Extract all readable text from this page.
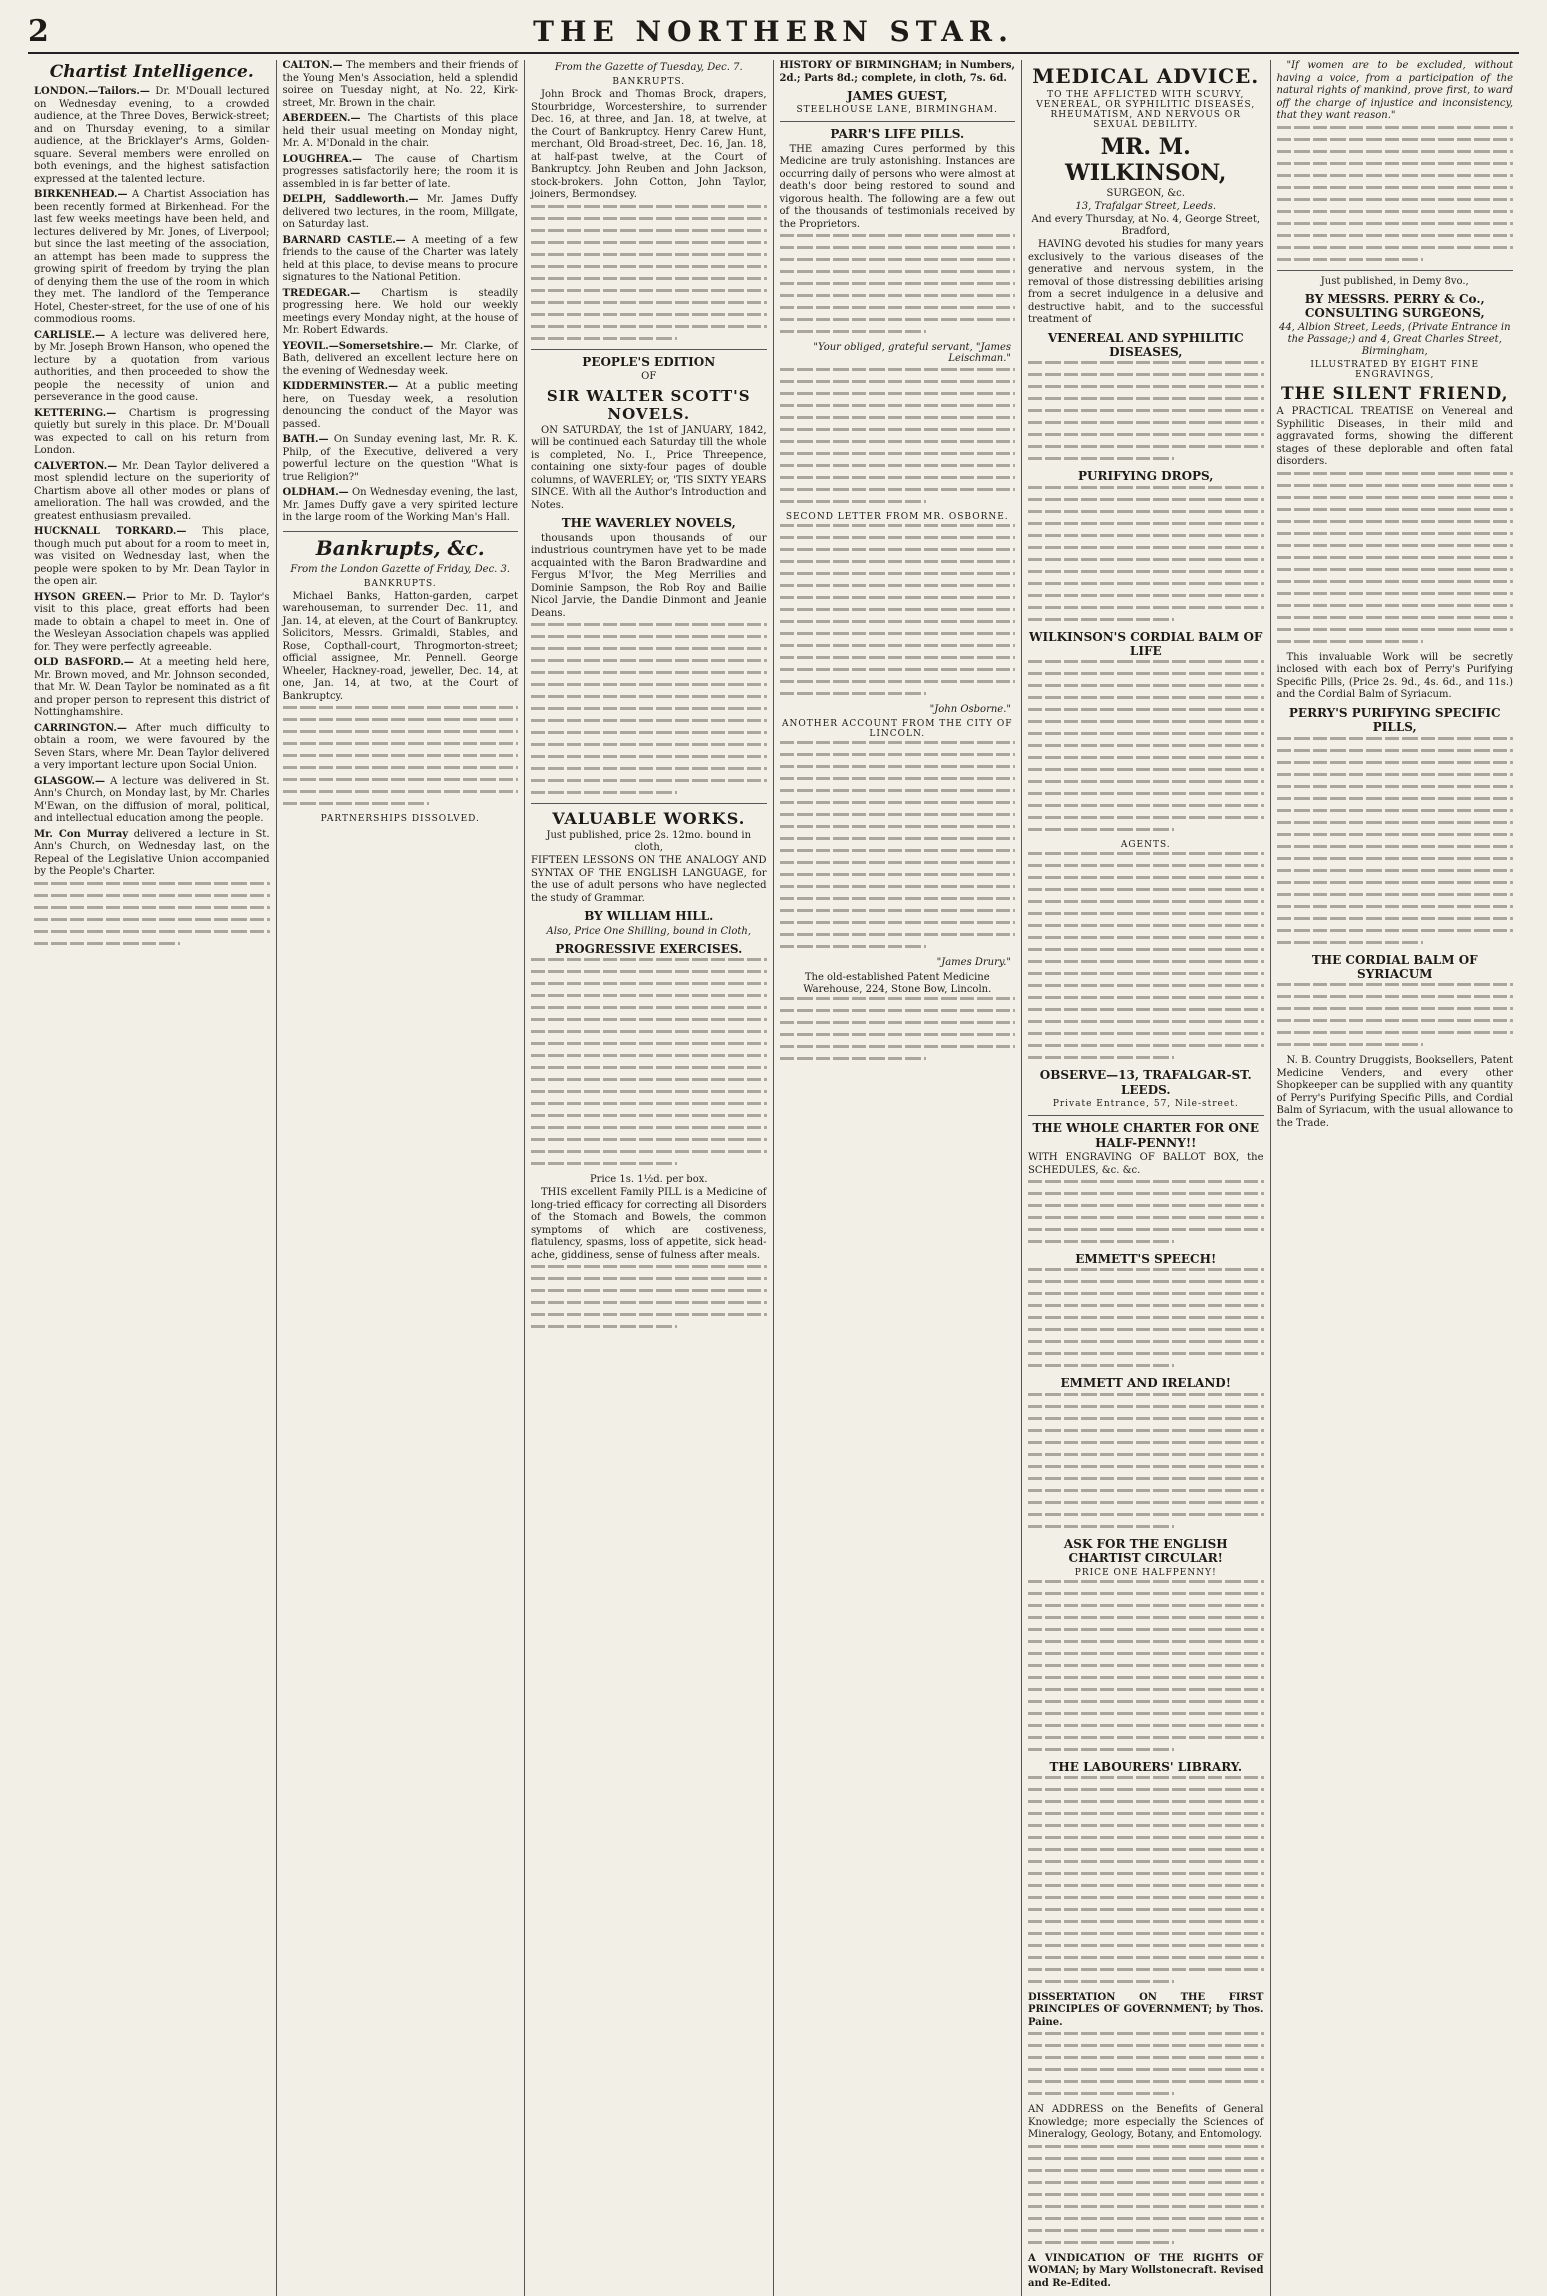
2	THE NORTHERN STAR.
Chartist Intelligence.

LONDON.—Tailors.— Dr. M'Douall lectured on Wednesday evening, to a crowded audience, at the Three Doves, Berwick-street; and on Thursday evening, to a similar audience, at the Bricklayer's Arms, Golden-square. Several members were enrolled on both evenings, and the highest satisfaction expressed at the talented lecture.

BIRKENHEAD.— A Chartist Association has been recently formed at Birkenhead. For the last few weeks meetings have been held, and lectures delivered by Mr. Jones, of Liverpool; but since the last meeting of the association, an attempt has been made to suppress the growing spirit of freedom by trying the plan of denying them the use of the room in which they met. The landlord of the Temperance Hotel, Chester-street, for the use of one of his commodious rooms.

CARLISLE.— A lecture was delivered here, by Mr. Joseph Brown Hanson, who opened the lecture by a quotation from various authorities, and then proceeded to show the people the necessity of union and perseverance in the good cause.

KETTERING.— Chartism is progressing quietly but surely in this place. Dr. M'Douall was expected to call on his return from London.

CALVERTON.— Mr. Dean Taylor delivered a most splendid lecture on the superiority of Chartism above all other modes or plans of amelioration. The hall was crowded, and the greatest enthusiasm prevailed.

HUCKNALL TORKARD.— This place, though much put about for a room to meet in, was visited on Wednesday last, when the people were spoken to by Mr. Dean Taylor in the open air.

HYSON GREEN.— Prior to Mr. D. Taylor's visit to this place, great efforts had been made to obtain a chapel to meet in. One of the Wesleyan Association chapels was applied for. They were perfectly agreeable.

OLD BASFORD.— At a meeting held here, Mr. Brown moved, and Mr. Johnson seconded, that Mr. W. Dean Taylor be nominated as a fit and proper person to represent this district of Nottinghamshire.

CARRINGTON.— After much difficulty to obtain a room, we were favoured by the Seven Stars, where Mr. Dean Taylor delivered a very important lecture upon Social Union.

GLASGOW.— A lecture was delivered in St. Ann's Church, on Monday last, by Mr. Charles M'Ewan, on the diffusion of moral, political, and intellectual education among the people.

Mr. Con Murray delivered a lecture in St. Ann's Church, on Wednesday last, on the Repeal of the Legislative Union accompanied by the People's Charter.

CALTON.— The members and their friends of the Young Men's Association, held a splendid soiree on Tuesday night, at No. 22, Kirk-street, Mr. Brown in the chair.

ABERDEEN.— The Chartists of this place held their usual meeting on Monday night, Mr. A. M'Donald in the chair.

LOUGHREA.— The cause of Chartism progresses satisfactorily here; the room it is assembled in is far better of late.

DELPH, Saddleworth.— Mr. James Duffy delivered two lectures, in the room, Millgate, on Saturday last.

BARNARD CASTLE.— A meeting of a few friends to the cause of the Charter was lately held at this place, to devise means to procure signatures to the National Petition.

TREDEGAR.— Chartism is steadily progressing here. We hold our weekly meetings every Monday night, at the house of Mr. Robert Edwards.

YEOVIL.—Somersetshire.— Mr. Clarke, of Bath, delivered an excellent lecture here on the evening of Wednesday week.

KIDDERMINSTER.— At a public meeting here, on Tuesday week, a resolution denouncing the conduct of the Mayor was passed.

BATH.— On Sunday evening last, Mr. R. K. Philp, of the Executive, delivered a very powerful lecture on the question "What is true Religion?"

OLDHAM.— On Wednesday evening, the last, Mr. James Duffy gave a very spirited lecture in the large room of the Working Man's Hall.

Bankrupts, &c.
From the London Gazette of Friday, Dec. 3.
BANKRUPTS.

Michael Banks, Hatton-garden, carpet warehouseman, to surrender Dec. 11, and Jan. 14, at eleven, at the Court of Bankruptcy. Solicitors, Messrs. Grimaldi, Stables, and Rose, Copthall-court, Throgmorton-street; official assignee, Mr. Pennell. George Wheeler, Hackney-road, jeweller, Dec. 14, at one, Jan. 14, at two, at the Court of Bankruptcy.

PARTNERSHIPS DISSOLVED.
From the Gazette of Tuesday, Dec. 7.
BANKRUPTS.

John Brock and Thomas Brock, drapers, Stourbridge, Worcestershire, to surrender Dec. 16, at three, and Jan. 18, at twelve, at the Court of Bankruptcy. Henry Carew Hunt, merchant, Old Broad-street, Dec. 16, Jan. 18, at half-past twelve, at the Court of Bankruptcy. John Reuben and John Jackson, stock-brokers. John Cotton, John Taylor, joiners, Bermondsey.

PEOPLE'S EDITION
OF
SIR WALTER SCOTT'S NOVELS.

ON SATURDAY, the 1st of JANUARY, 1842, will be continued each Saturday till the whole is completed, No. I., Price Threepence, containing one sixty-four pages of double columns, of WAVERLEY; or, 'TIS SIXTY YEARS SINCE. With all the Author's Introduction and Notes.

THE WAVERLEY NOVELS,

thousands upon thousands of our industrious countrymen have yet to be made acquainted with the Baron Bradwardine and Fergus M'Ivor, the Meg Merrilies and Dominie Sampson, the Rob Roy and Bailie Nicol Jarvie, the Dandie Dinmont and Jeanie Deans.

VALUABLE WORKS.
Just published, price 2s. 12mo. bound in cloth,

FIFTEEN LESSONS ON THE ANALOGY AND SYNTAX OF THE ENGLISH LANGUAGE, for the use of adult persons who have neglected the study of Grammar.

BY WILLIAM HILL.
Also, Price One Shilling, bound in Cloth,
PROGRESSIVE EXERCISES.
Price 1s. 1½d. per box.

THIS excellent Family PILL is a Medicine of long-tried efficacy for correcting all Disorders of the Stomach and Bowels, the common symptoms of which are costiveness, flatulency, spasms, loss of appetite, sick head-ache, giddiness, sense of fulness after meals.

HISTORY OF BIRMINGHAM; in Numbers, 2d.; Parts 8d.; complete, in cloth, 7s. 6d.

JAMES GUEST,
STEELHOUSE LANE, BIRMINGHAM.
PARR'S LIFE PILLS.

THE amazing Cures performed by this Medicine are truly astonishing. Instances are occurring daily of persons who were almost at death's door being restored to sound and vigorous health. The following are a few out of the thousands of testimonials received by the Proprietors.

"Your obliged, grateful servant, "James Leischman."
SECOND LETTER FROM MR. OSBORNE.
"John Osborne."
ANOTHER ACCOUNT FROM THE CITY OF LINCOLN.
"James Drury."
The old-established Patent Medicine Warehouse, 224, Stone Bow, Lincoln.
MEDICAL ADVICE.
TO THE AFFLICTED WITH SCURVY, VENEREAL, OR SYPHILITIC DISEASES, RHEUMATISM, AND NERVOUS OR SEXUAL DEBILITY.
MR. M. WILKINSON,
SURGEON, &c.
13, Trafalgar Street, Leeds.
And every Thursday, at No. 4, George Street, Bradford,

HAVING devoted his studies for many years exclusively to the various diseases of the generative and nervous system, in the removal of those distressing debilities arising from a secret indulgence in a delusive and destructive habit, and to the successful treatment of

VENEREAL AND SYPHILITIC DISEASES,
PURIFYING DROPS,
WILKINSON'S CORDIAL BALM OF LIFE
AGENTS.
OBSERVE—13, TRAFALGAR-ST. LEEDS.
Private Entrance, 57, Nile-street.
THE WHOLE CHARTER FOR ONE HALF-PENNY!!

WITH ENGRAVING OF BALLOT BOX, the SCHEDULES, &c. &c.

EMMETT'S SPEECH!
EMMETT AND IRELAND!
ASK FOR THE ENGLISH CHARTIST CIRCULAR!
PRICE ONE HALFPENNY!
THE LABOURERS' LIBRARY.

DISSERTATION ON THE FIRST PRINCIPLES OF GOVERNMENT; by Thos. Paine.

AN ADDRESS on the Benefits of General Knowledge; more especially the Sciences of Mineralogy, Geology, Botany, and Entomology.

A VINDICATION OF THE RIGHTS OF WOMAN; by Mary Wollstonecraft. Revised and Re-Edited.

"If women are to be excluded, without having a voice, from a participation of the natural rights of mankind, prove first, to ward off the charge of injustice and inconsistency, that they want reason."

Just published, in Demy 8vo.,
BY MESSRS. PERRY & Co., CONSULTING SURGEONS,
44, Albion Street, Leeds, (Private Entrance in the Passage;) and 4, Great Charles Street, Birmingham,
ILLUSTRATED BY EIGHT FINE ENGRAVINGS,
THE SILENT FRIEND,

A PRACTICAL TREATISE on Venereal and Syphilitic Diseases, in their mild and aggravated forms, showing the different stages of these deplorable and often fatal disorders.

This invaluable Work will be secretly inclosed with each box of Perry's Purifying Specific Pills, (Price 2s. 9d., 4s. 6d., and 11s.) and the Cordial Balm of Syriacum.

PERRY'S PURIFYING SPECIFIC PILLS,
THE CORDIAL BALM OF SYRIACUM

N. B. Country Druggists, Booksellers, Patent Medicine Venders, and every other Shopkeeper can be supplied with any quantity of Perry's Purifying Specific Pills, and Cordial Balm of Syriacum, with the usual allowance to the Trade.
